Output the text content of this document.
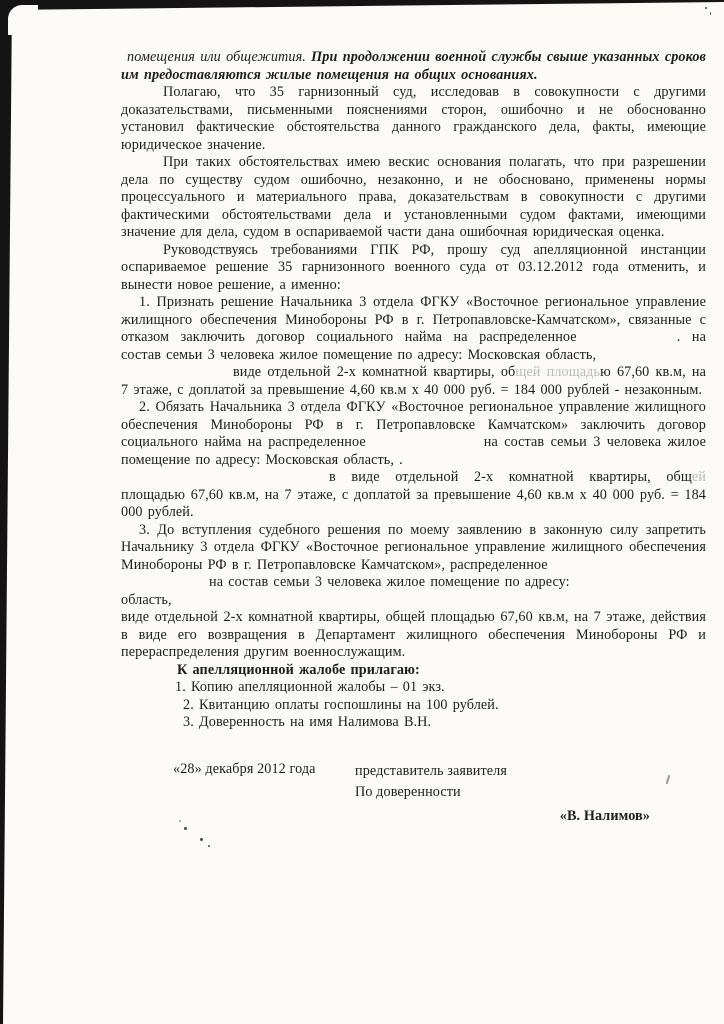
помещения или общежития. При продолжении военной службы свыше указанных сроков им предоставляются жилые помещения на общих основаниях.
Полагаю, что 35 гарнизонный суд, исследовав в совокупности с другими доказательствами, письменными пояснениями сторон, ошибочно и не обоснованно установил фактические обстоятельства данного гражданского дела, факты, имеющие юридическое значение.
При таких обстоятельствах имею вескис основания полагать, что при разрешении дела по существу судом ошибочно, незаконно, и не обосновано, применены нормы процессуального и материального права, доказательствам в совокупности с другими фактическими обстоятельствами дела и установленными судом фактами, имеющими значение для дела, судом в оспариваемой части дана ошибочная юридическая оценка.
Руководствуясь требованиями ГПК РФ, прошу суд апелляционной инстанции оспариваемое решение 35 гарнизонного военного суда от 03.12.2012 года отменить, и вынести новое решение, а именно:
1. Признать решение Начальника 3 отдела ФГКУ «Восточное региональное управление жилищного обеспечения Минобороны РФ в г. Петропавловске-Камчатском», связанные с отказом заключить договор социального найма на распределенное	. на состав семьи 3 человека жилое помещение по адресу: Московская область,
виде отдельной 2-х комнатной квартиры, общей площадью 67,60 кв.м, на 7 этаже, с доплатой за превышение 4,60 кв.м х 40 000 руб. = 184 000 рублей - незаконным.
2. Обязать Начальника 3 отдела ФГКУ «Восточное региональное управление жилищного обеспечения Минобороны РФ в г. Петропавловске Камчатском» заключить договор социального найма на распределенное	на состав семьи 3 человека жилое помещение по адресу: Московская область, .
в виде отдельной 2-х комнатной квартиры, общей площадью 67,60 кв.м, на 7 этаже, с доплатой за превышение 4,60 кв.м х 40 000 руб. = 184 000 рублей.
3. До вступления судебного решения по моему заявлению в законную силу запретить Начальнику 3 отдела ФГКУ «Восточное региональное управление жилищного обеспечения Минобороны РФ в г. Петропавловске Камчатском», распределенное
на состав семьи 3 человека жилое помещение по адресу:
область,
виде отдельной 2-х комнатной квартиры, общей площадью 67,60 кв.м, на 7 этаже, действия в виде его возвращения в Департамент жилищного обеспечения Минобороны РФ и перераспределения другим военнослужащим.
К апелляционной жалобе прилагаю:
1. Копию апелляционной жалобы – 01 экз.
2. Квитанцию оплаты госпошлины на 100 рублей.
3. Доверенность на имя Налимова В.Н.
«28» декабря 2012 года	представитель заявителя
По доверенности
«В. Налимов»
